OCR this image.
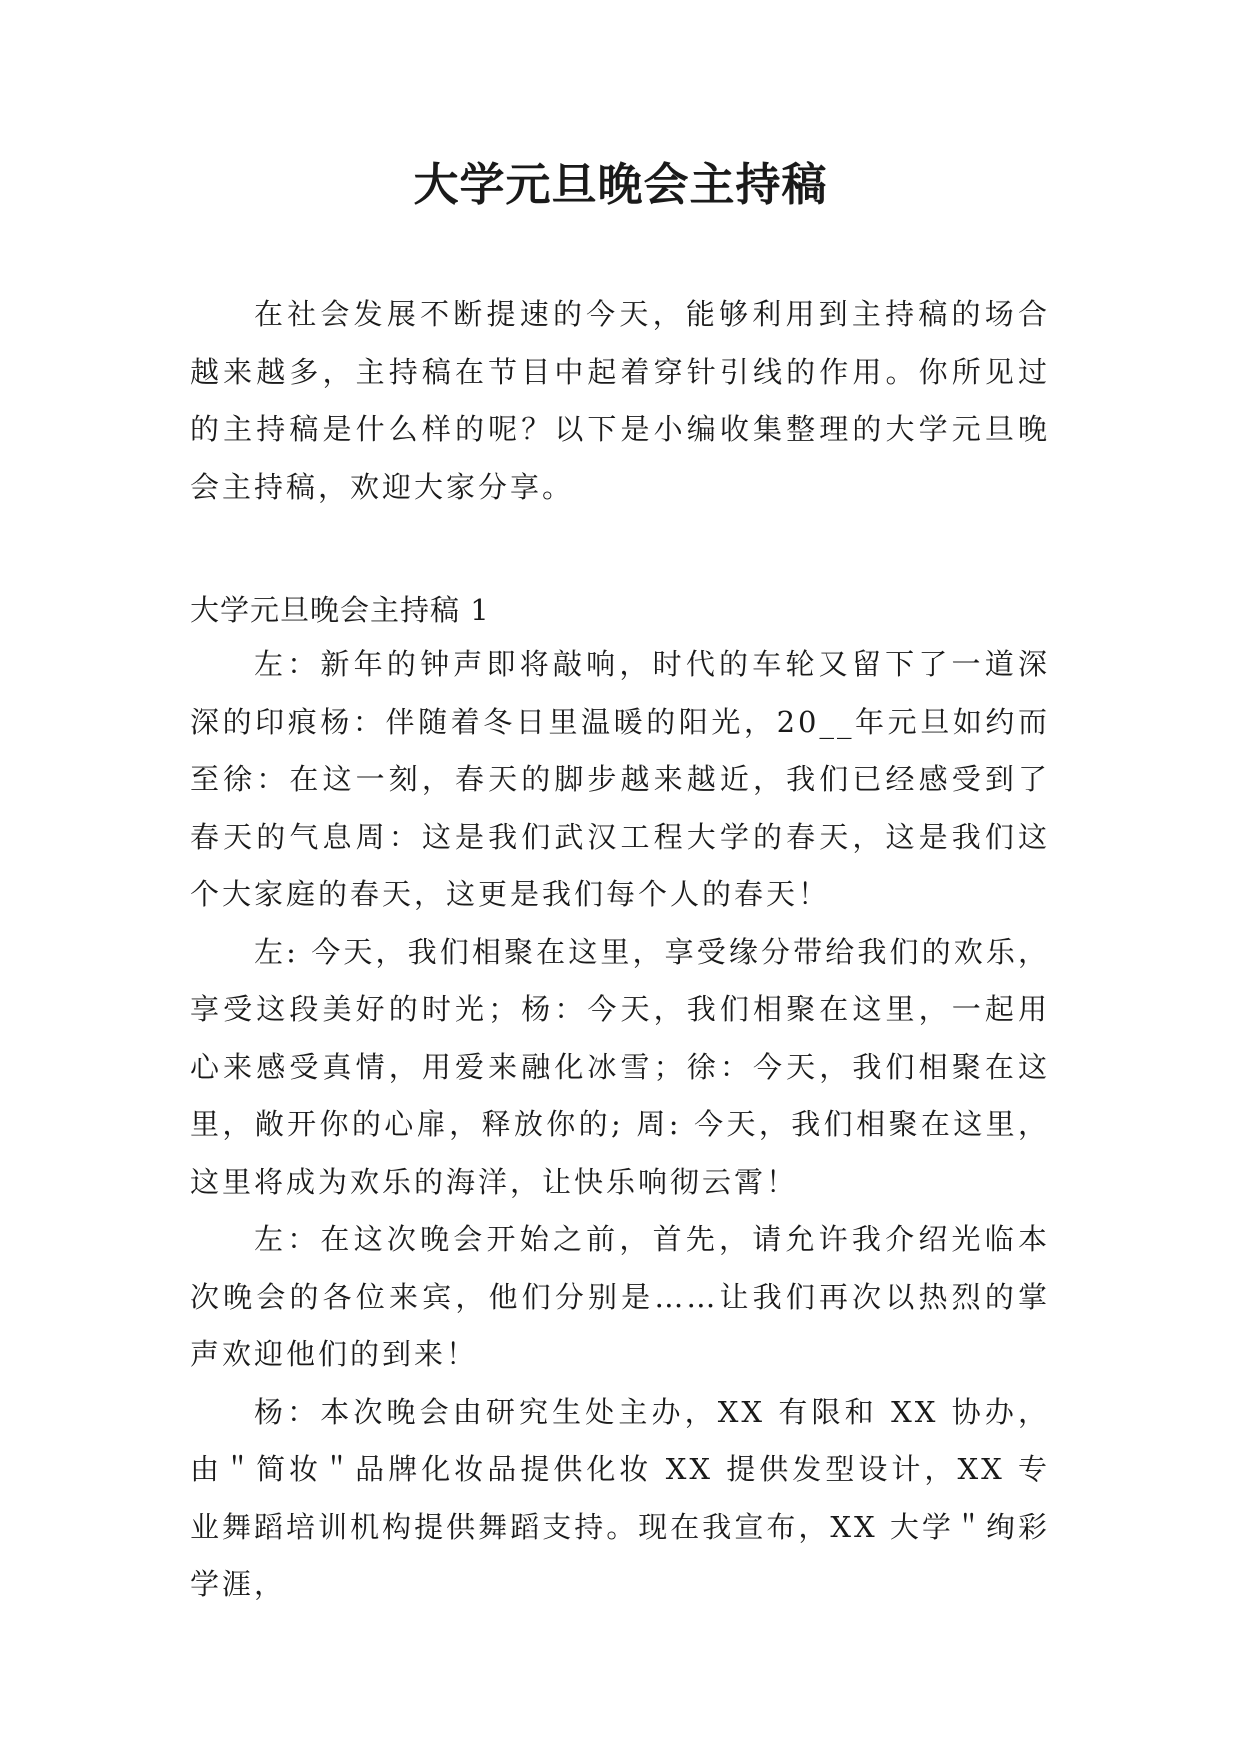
大学元旦晚会主持稿

在社会发展不断提速的今天，能够利用到主持稿的场合越来越多，主持稿在节目中起着穿针引线的作用。你所见过的主持稿是什么样的呢？以下是小编收集整理的大学元旦晚会主持稿，欢迎大家分享。

大学元旦晚会主持稿 1

左：新年的钟声即将敲响，时代的车轮又留下了一道深深的印痕杨：伴随着冬日里温暖的阳光，20__年元旦如约而至徐：在这一刻，春天的脚步越来越近，我们已经感受到了春天的气息周：这是我们武汉工程大学的春天，这是我们这个大家庭的春天，这更是我们每个人的春天！

左: 今天，我们相聚在这里，享受缘分带给我们的欢乐，享受这段美好的时光；杨：今天，我们相聚在这里，一起用心来感受真情，用爱来融化冰雪；徐：今天，我们相聚在这里，敞开你的心扉，释放你的; 周: 今天，我们相聚在这里，这里将成为欢乐的海洋，让快乐响彻云霄！

左：在这次晚会开始之前，首先，请允许我介绍光临本次晚会的各位来宾，他们分别是……让我们再次以热烈的掌声欢迎他们的到来！

杨：本次晚会由研究生处主办，XX 有限和 XX 协办，由＂简妆＂品牌化妆品提供化妆 XX 提供发型设计，XX 专业舞蹈培训机构提供舞蹈支持。现在我宣布，XX 大学＂绚彩学涯，
